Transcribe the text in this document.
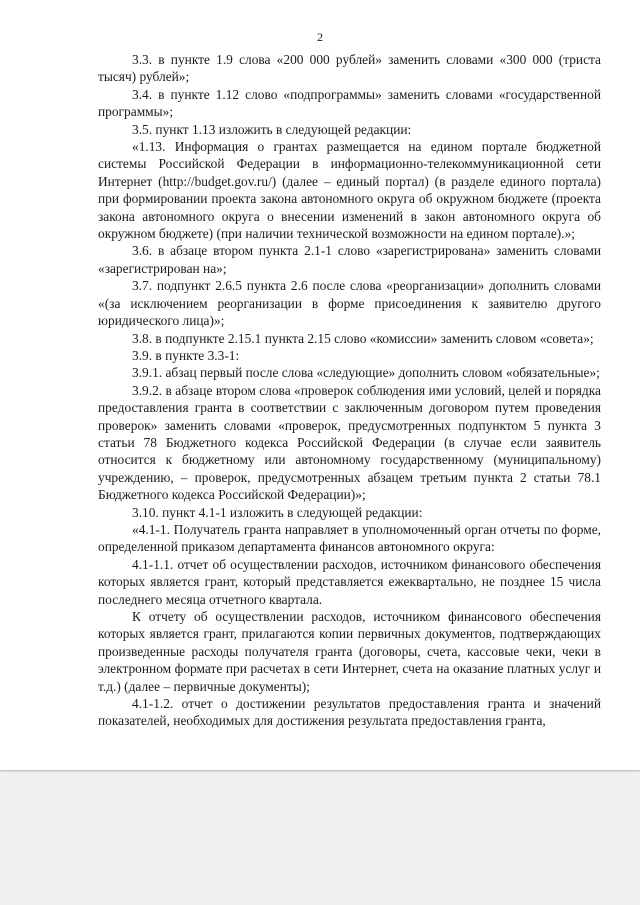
2

3.3. в пункте 1.9 слова «200 000 рублей» заменить словами «300 000 (триста тысяч) рублей»;

3.4. в пункте 1.12 слово «подпрограммы» заменить словами «государственной программы»;

3.5. пункт 1.13 изложить в следующей редакции:

«1.13. Информация о грантах размещается на едином портале бюджетной системы Российской Федерации в информационно-телекоммуникационной сети Интернет (http://budget.gov.ru/) (далее – единый портал) (в разделе единого портала) при формировании проекта закона автономного округа об окружном бюджете (проекта закона автономного округа о внесении изменений в закон автономного округа об окружном бюджете) (при наличии технической возможности на едином портале).»;

3.6. в абзаце втором пункта 2.1-1 слово «зарегистрирована» заменить словами «зарегистрирован на»;

3.7. подпункт 2.6.5 пункта 2.6 после слова «реорганизации» дополнить словами «(за исключением реорганизации в форме присоединения к заявителю другого юридического лица)»;

3.8. в подпункте 2.15.1 пункта 2.15 слово «комиссии» заменить словом «совета»;

3.9. в пункте 3.3-1:

3.9.1. абзац первый после слова «следующие» дополнить словом «обязательные»;

3.9.2. в абзаце втором слова «проверок соблюдения ими условий, целей и порядка предоставления гранта в соответствии с заключенным договором путем проведения проверок» заменить словами «проверок, предусмотренных подпунктом 5 пункта 3 статьи 78 Бюджетного кодекса Российской Федерации (в случае если заявитель относится к бюджетному или автономному государственному (муниципальному) учреждению, – проверок, предусмотренных абзацем третьим пункта 2 статьи 78.1 Бюджетного кодекса Российской Федерации)»;

3.10. пункт 4.1-1 изложить в следующей редакции:

«4.1-1. Получатель гранта направляет в уполномоченный орган отчеты по форме, определенной приказом департамента финансов автономного округа:

4.1-1.1. отчет об осуществлении расходов, источником финансового обеспечения которых является грант, который представляется ежеквартально, не позднее 15 числа последнего месяца отчетного квартала.

К отчету об осуществлении расходов, источником финансового обеспечения которых является грант, прилагаются копии первичных документов, подтверждающих произведенные расходы получателя гранта (договоры, счета, кассовые чеки, чеки в электронном формате при расчетах в сети Интернет, счета на оказание платных услуг и т.д.) (далее – первичные документы);

4.1-1.2. отчет о достижении результатов предоставления гранта и значений показателей, необходимых для достижения результата предоставления гранта,
